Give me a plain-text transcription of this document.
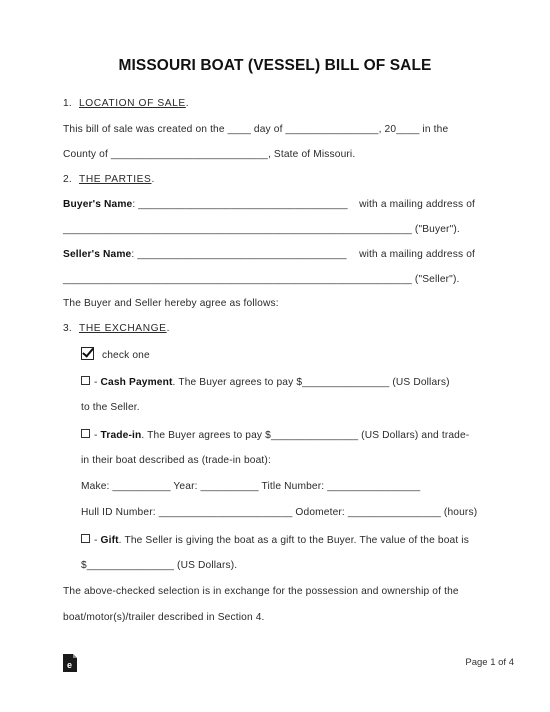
MISSOURI BOAT (VESSEL) BILL OF SALE
1. LOCATION OF SALE.
This bill of sale was created on the ____ day of ________________, 20____ in the
County of ___________________________, State of Missouri.
2. THE PARTIES.
Buyer's Name: ____________________________________ with a mailing address of
____________________________________________________________ ("Buyer").
Seller's Name: ____________________________________ with a mailing address of
____________________________________________________________ ("Seller").
The Buyer and Seller hereby agree as follows:
3. THE EXCHANGE.
check one
- Cash Payment. The Buyer agrees to pay $_______________ (US Dollars)
to the Seller.
- Trade-in. The Buyer agrees to pay $_______________ (US Dollars) and trade-
in their boat described as (trade-in boat):
Make: __________ Year: __________ Title Number: ________________
Hull ID Number: _______________________ Odometer: ________________ (hours)
- Gift. The Seller is giving the boat as a gift to the Buyer. The value of the boat is
$_______________ (US Dollars).
The above-checked selection is in exchange for the possession and ownership of the
boat/motor(s)/trailer described in Section 4.
e	Page 1 of 4
